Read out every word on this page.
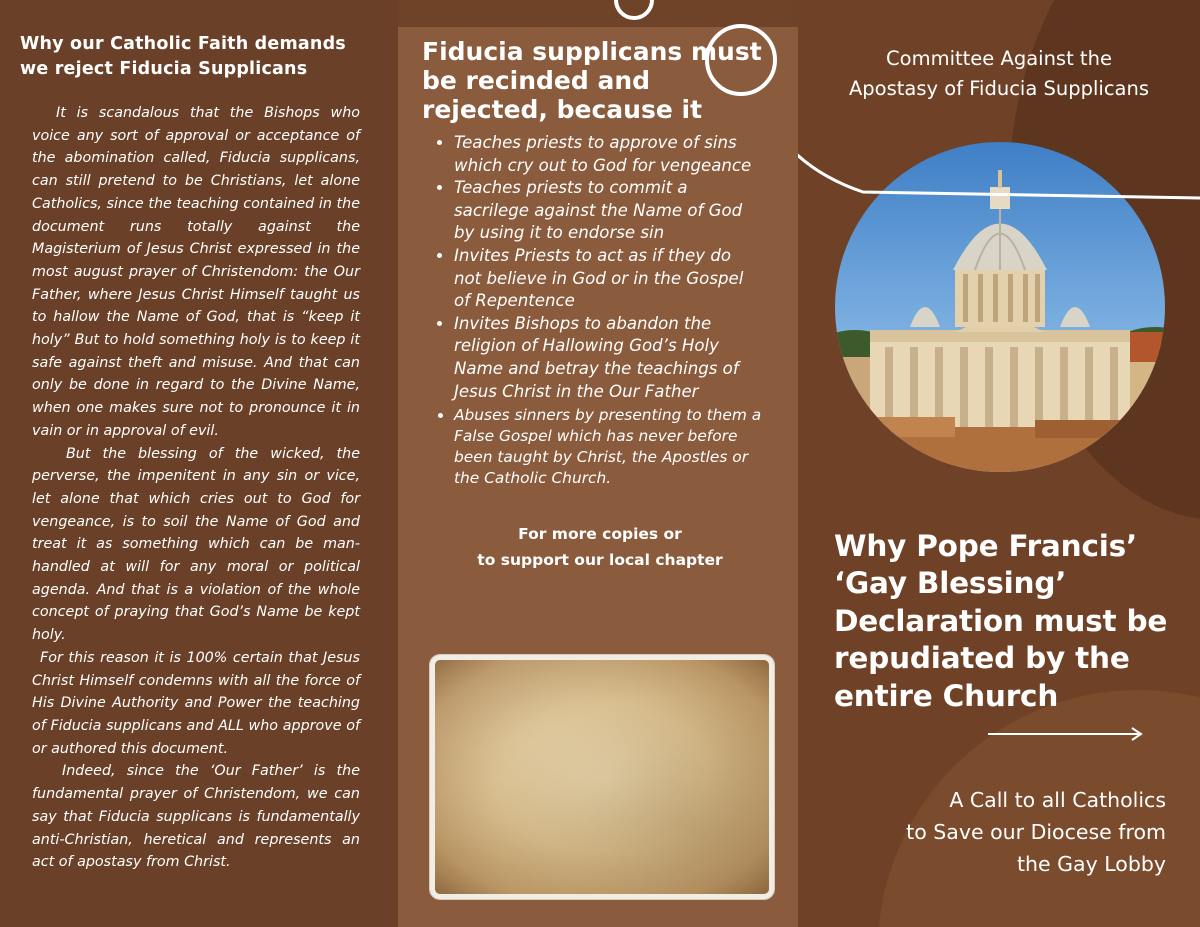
Why our Catholic Faith demands we reject Fiducia Supplicans

It is scandalous that the Bishops who voice any sort of approval or acceptance of the abomination called, Fiducia supplicans, can still pretend to be Christians, let alone Catholics, since the teaching contained in the document runs totally against the Magisterium of Jesus Christ expressed in the most august prayer of Christendom: the Our Father, where Jesus Christ Himself taught us to hallow the Name of God, that is “keep it holy” But to hold something holy is to keep it safe against theft and misuse. And that can only be done in regard to the Divine Name, when one makes sure not to pronounce it in vain or in approval of evil.

But the blessing of the wicked, the perverse, the impenitent in any sin or vice, let alone that which cries out to God for vengeance, is to soil the Name of God and treat it as something which can be man-handled at will for any moral or political agenda. And that is a violation of the whole concept of praying that God’s Name be kept holy.

For this reason it is 100% certain that Jesus Christ Himself condemns with all the force of His Divine Authority and Power the teaching of Fiducia supplicans and ALL who approve of or authored this document.

Indeed, since the ‘Our Father’ is the fundamental prayer of Christendom, we can say that Fiducia supplicans is fundamentally anti-Christian, heretical and represents an act of apostasy from Christ.

Fiducia supplicans must be recinded and rejected, because it
• Teaches priests to approve of sins which cry out to God for vengeance
• Teaches priests to commit a sacrilege against the Name of God by using it to endorse sin
• Invites Priests to act as if they do not believe in God or in the Gospel of Repentence
• Invites Bishops to abandon the religion of Hallowing God’s Holy Name and betray the teachings of Jesus Christ in the Our Father
• Abuses sinners by presenting to them a False Gospel which has never before been taught by Christ, the Apostles or the Catholic Church.
For more copies or
to support our local chapter
Committee Against the
Apostasy of Fiducia Supplicans
Why Pope Francis’ ‘Gay Blessing’ Declaration must be repudiated by the entire Church
A Call to all Catholics
to Save our Diocese from
the Gay Lobby
